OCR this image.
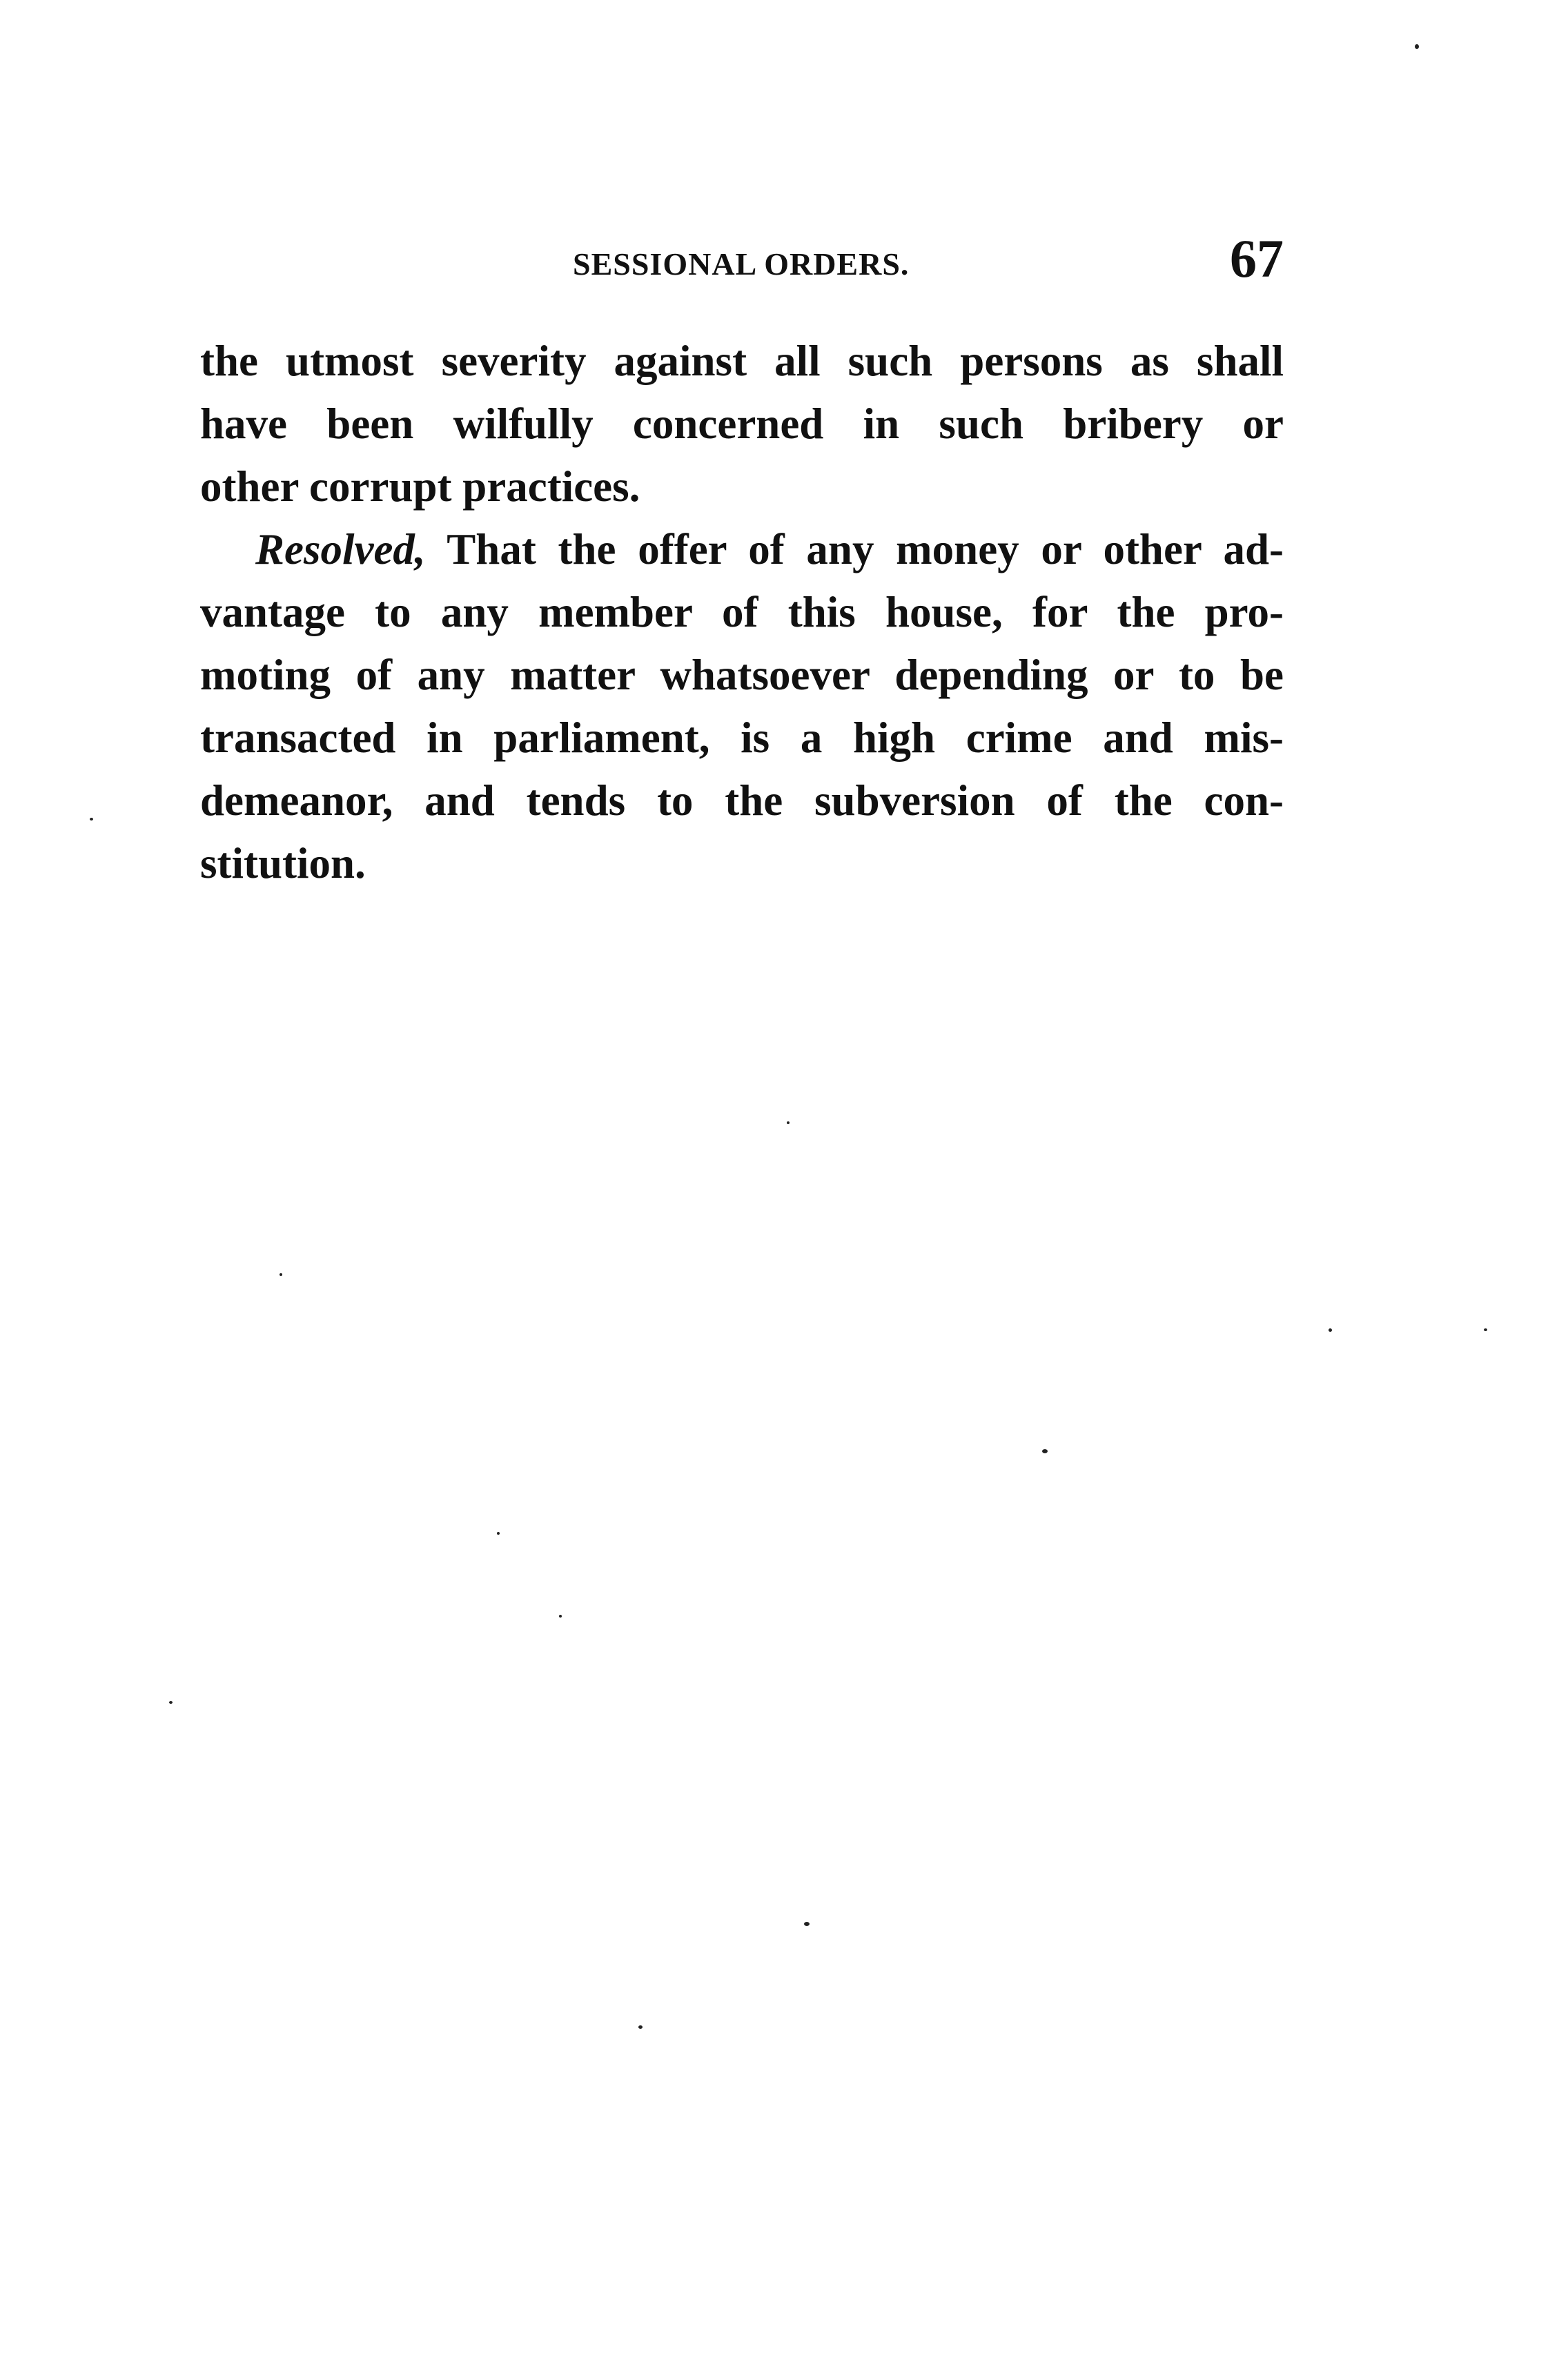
SESSIONAL ORDERS.	67
the utmost severity against all such persons as shall
have been wilfully concerned in such bribery or
other corrupt practices.
Resolved, That the offer of any money or other ad-
vantage to any member of this house, for the pro-
moting of any matter whatsoever depending or to be
transacted in parliament, is a high crime and mis-
demeanor, and tends to the subversion of the con-
stitution.
